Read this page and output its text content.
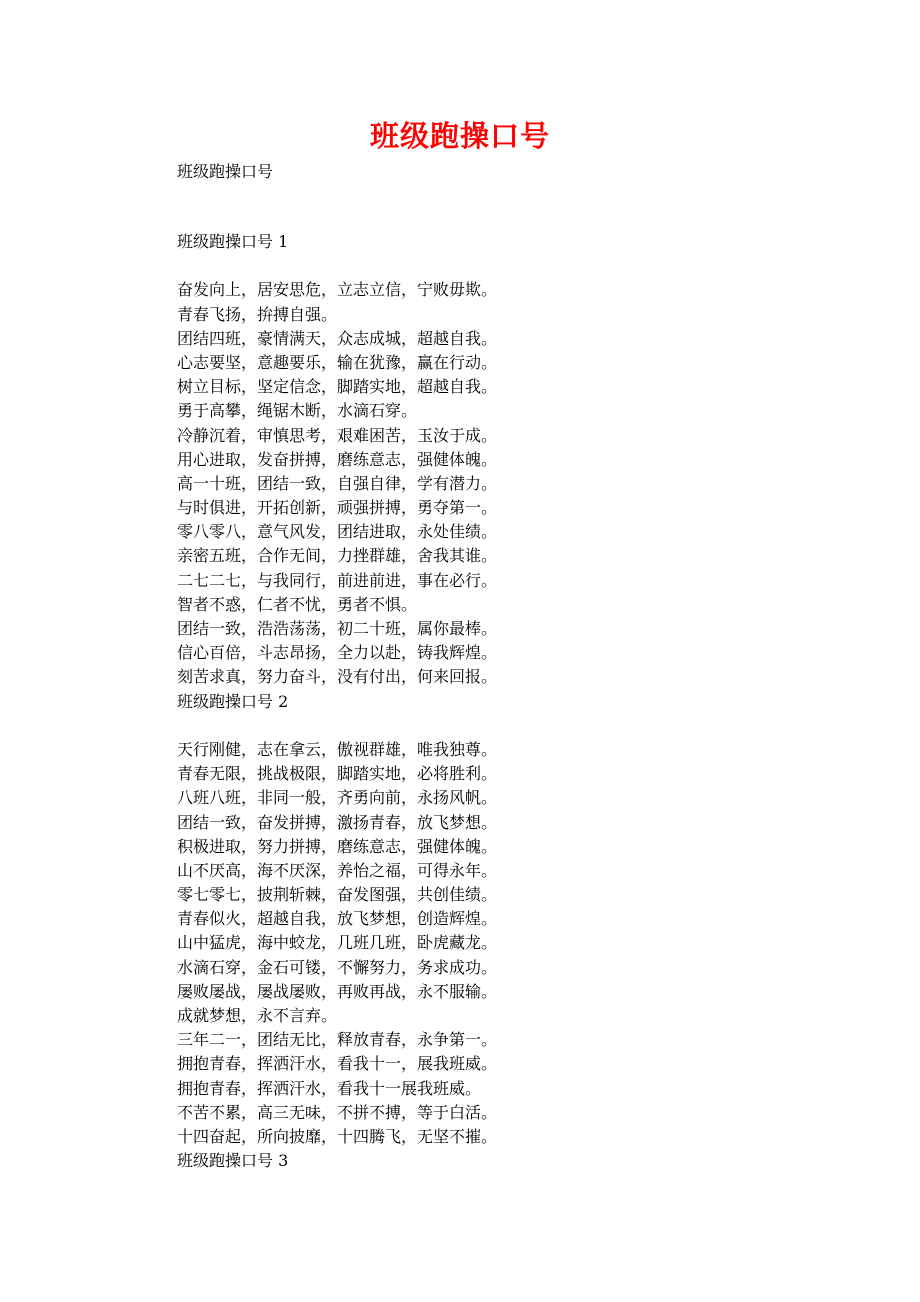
班级跑操口号

班级跑操口号

班级跑操口号 1
奋发向上，居安思危，立志立信，宁败毋欺。
青春飞扬，拚搏自强。
团结四班，豪情满天，众志成城，超越自我。
心志要坚，意趣要乐，输在犹豫，赢在行动。
树立目标，坚定信念，脚踏实地，超越自我。
勇于高攀，绳锯木断，水滴石穿。
冷静沉着，审慎思考，艰难困苦，玉汝于成。
用心进取，发奋拼搏，磨练意志，强健体魄。
高一十班，团结一致，自强自律，学有潜力。
与时俱进，开拓创新，顽强拼搏，勇夺第一。
零八零八，意气风发，团结进取，永处佳绩。
亲密五班，合作无间，力挫群雄，舍我其谁。
二七二七，与我同行，前进前进，事在必行。
智者不惑，仁者不忧，勇者不惧。
团结一致，浩浩荡荡，初二十班，属你最棒。
信心百倍，斗志昂扬，全力以赴，铸我辉煌。
刻苦求真，努力奋斗，没有付出，何来回报。
班级跑操口号 2
天行刚健，志在拿云，傲视群雄，唯我独尊。
青春无限，挑战极限，脚踏实地，必将胜利。
八班八班，非同一般，齐勇向前，永扬风帆。
团结一致，奋发拼搏，激扬青春，放飞梦想。
积极进取，努力拼搏，磨练意志，强健体魄。
山不厌高，海不厌深，养怡之福，可得永年。
零七零七，披荆斩棘，奋发图强，共创佳绩。
青春似火，超越自我，放飞梦想，创造辉煌。
山中猛虎，海中蛟龙，几班几班，卧虎藏龙。
水滴石穿，金石可镂，不懈努力，务求成功。
屡败屡战，屡战屡败，再败再战，永不服输。
成就梦想，永不言弃。
三年二一，团结无比，释放青春，永争第一。
拥抱青春，挥洒汗水，看我十一，展我班威。
拥抱青春，挥洒汗水，看我十一展我班威。
不苦不累，高三无味，不拼不搏，等于白活。
十四奋起，所向披靡，十四腾飞，无坚不摧。
班级跑操口号 3
